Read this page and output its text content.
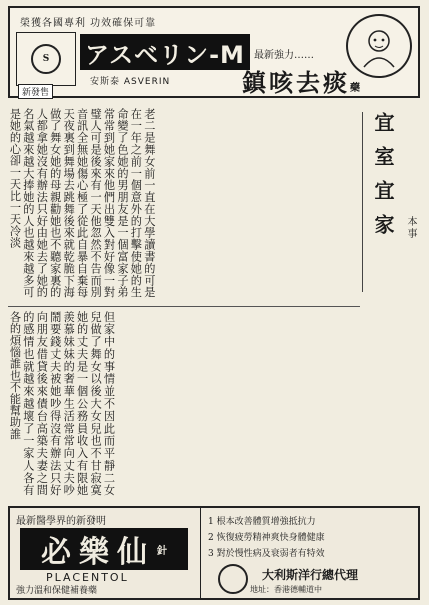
榮獲各國專利 功效確保可靠
S
新發售
アスベリン-M
安斯泰 ASVERIN
最新強力……
鎮咳去痰藥
老二是舞女前一直在大學讀書的可是在一年之前一個意外的打擊使她的生命變了色她的男朋友是一個富家子弟常常到她家來他們出雙入對好像一對璧人可是後來有一天他忽然不告而別音訊全無她傷心極了從此自暴自棄每天夜裏到舞場去跳舞後來就乾脆下海做了舞女她的母親勸她也不聽家裏的人都拿她沒有辦法只好由她去了她的名氣越來越大捧她的人也越來越多可是她的心卻一天比一天冷淡
但家中的事情並不因此而平靜二女兒做了舞女以後大女兒也不甘寂寞她的丈夫是一個公務員收入有限她羨慕妹妹的奢華生活常常向丈夫吵鬧要錢丈夫被她吵得沒有辦法只好向朋友借貸後來債台高築夫妻之間的感情也就越來越壞了一家人各有各的煩惱誰也不能幫助誰
宜室宜家	本事
最新醫學界的新發明
必樂仙 針
PLACENTOL
強力溫和保健補養藥
1 根本改善體質增強抵抗力
2 恢復疲勞精神爽快身體健康
3 對於慢性病及衰弱者有特效
大利斯洋行總代理
地址：香港德輔道中
